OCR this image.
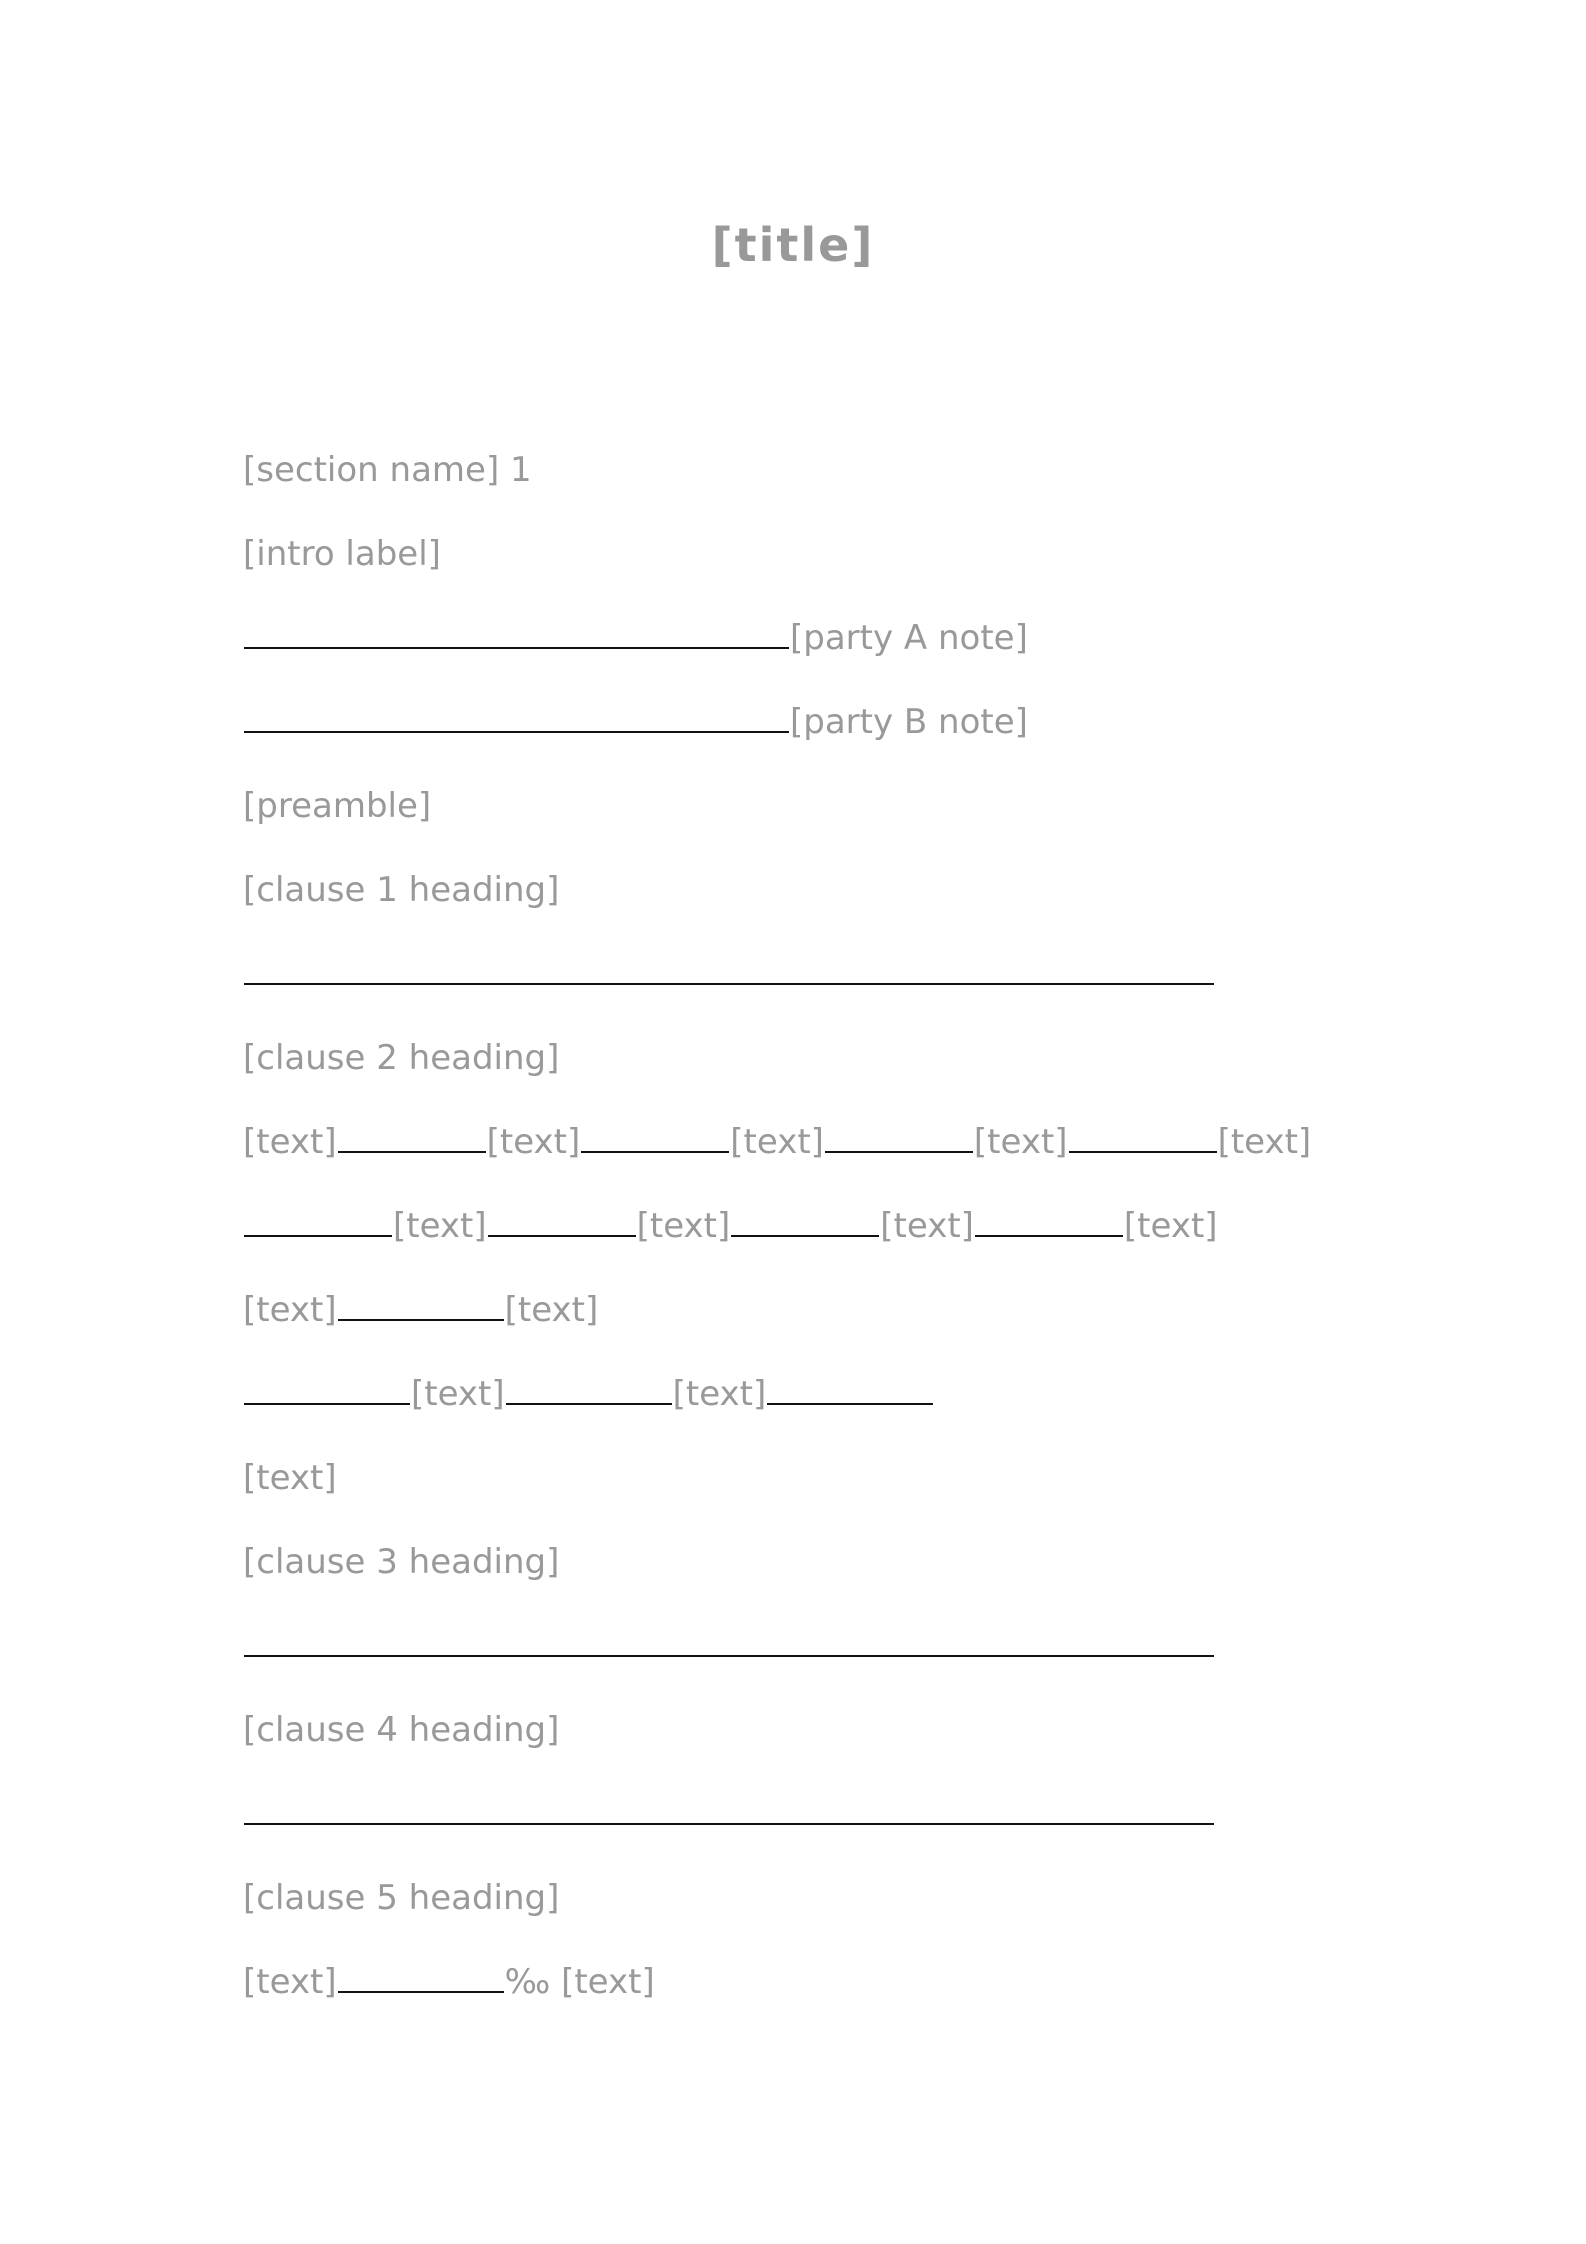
[title]

[section name] 1

[intro label]

[party A note]

[party B note]

[preamble]

[clause 1 heading]

[clause 2 heading]

[text]	[text]	[text]	[text]	[text]

[text]	[text]	[text]	[text]

[text]	[text]

[text]	[text]

[text]

[clause 3 heading]

[clause 4 heading]

[clause 5 heading]

[text]	‰ [text]
